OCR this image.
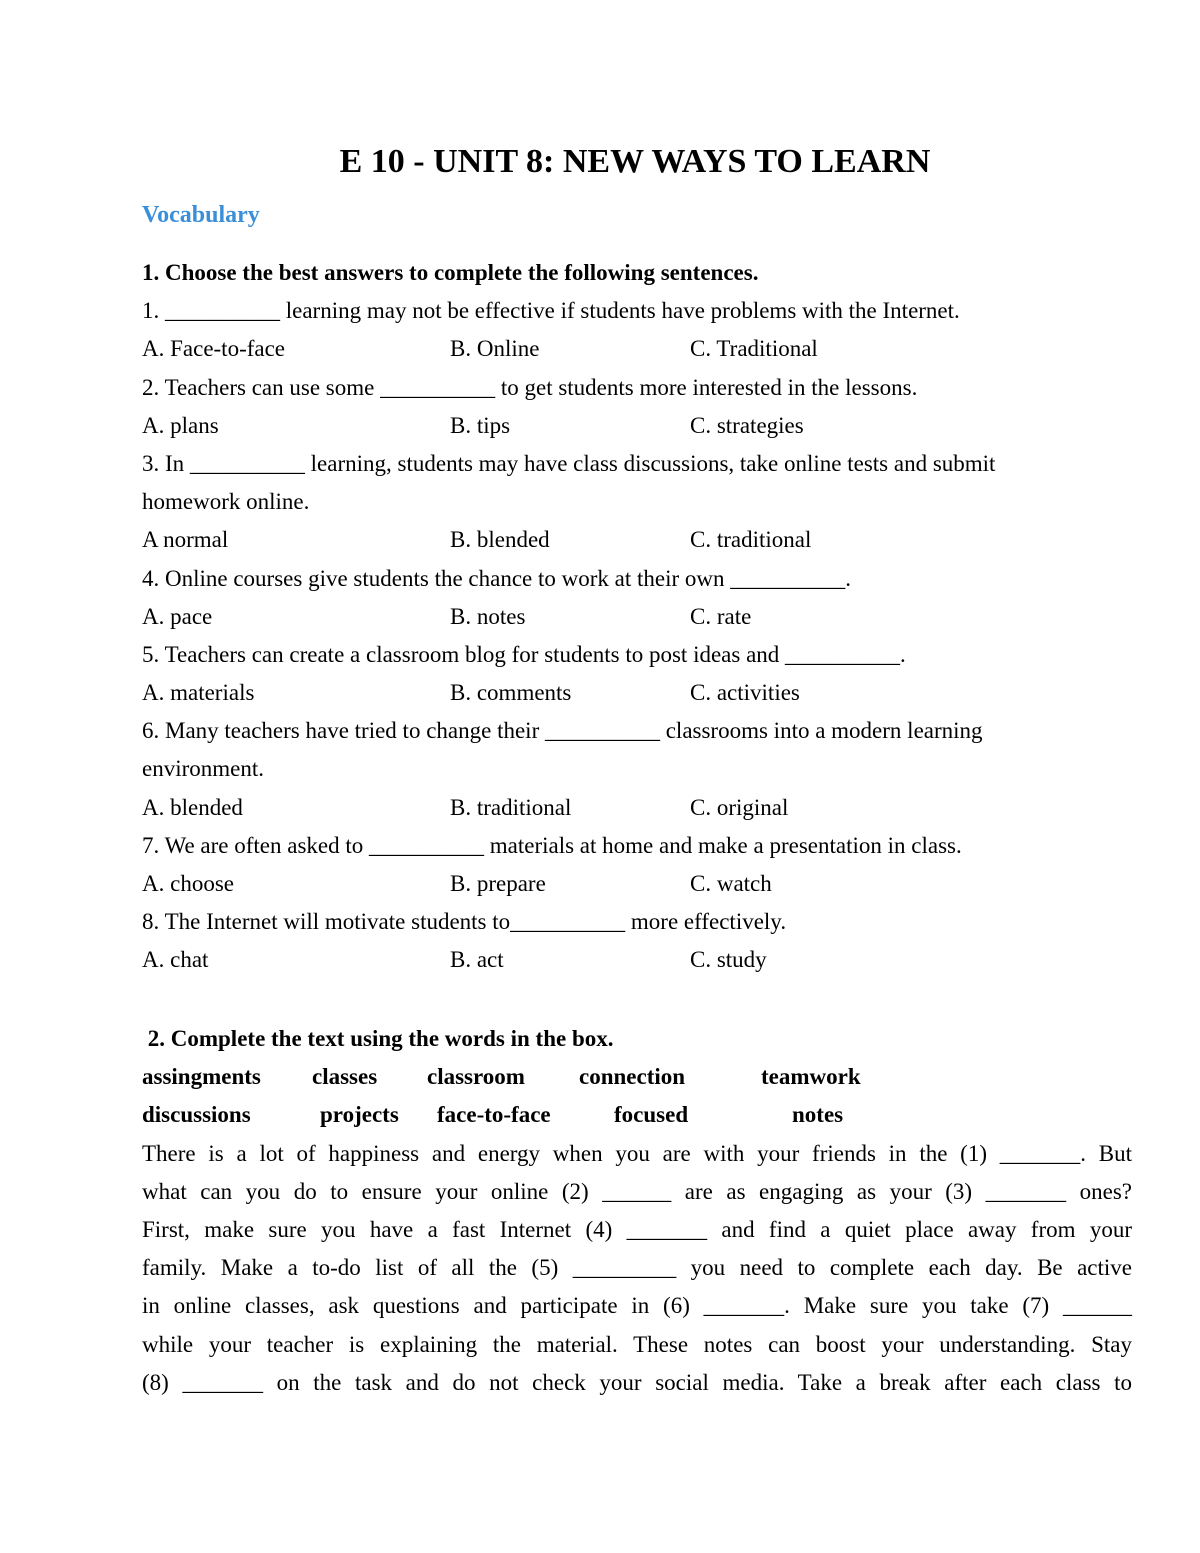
E 10 - UNIT 8: NEW WAYS TO LEARN
Vocabulary
1. Choose the best answers to complete the following sentences.
1. __________ learning may not be effective if students have problems with the Internet.
A. Face-to-face	B. Online	C. Traditional
2. Teachers can use some __________ to get students more interested in the lessons.
A. plans	B. tips	C. strategies
3. In __________ learning, students may have class discussions, take online tests and submit
homework online.
A normal	B. blended	C. traditional
4. Online courses give students the chance to work at their own __________.
A. pace	B. notes	C. rate
5. Teachers can create a classroom blog for students to post ideas and __________.
A. materials	B. comments	C. activities
6. Many teachers have tried to change their __________ classrooms into a modern learning
environment.
A. blended	B. traditional	C. original
7. We are often asked to __________ materials at home and make a presentation in class.
A. choose	B. prepare	C. watch
8. The Internet will motivate students to__________ more effectively.
A. chat	B. act	C. study
2. Complete the text using the words in the box.
assingments classes classroom connection	teamwork
discussions	projects face-to-face	focused	notes
There is a lot of happiness and energy when you are with your friends in the (1) _______. But
what can you do to ensure your online (2) ______ are as engaging as your (3) _______ ones?
First, make sure you have a fast Internet (4) _______ and find a quiet place away from your
family. Make a to-do list of all the (5) _________ you need to complete each day. Be active
in online classes, ask questions and participate in (6) _______. Make sure you take (7) ______
while your teacher is explaining the material. These notes can boost your understanding. Stay
(8) _______ on the task and do not check your social media. Take a break after each class to
